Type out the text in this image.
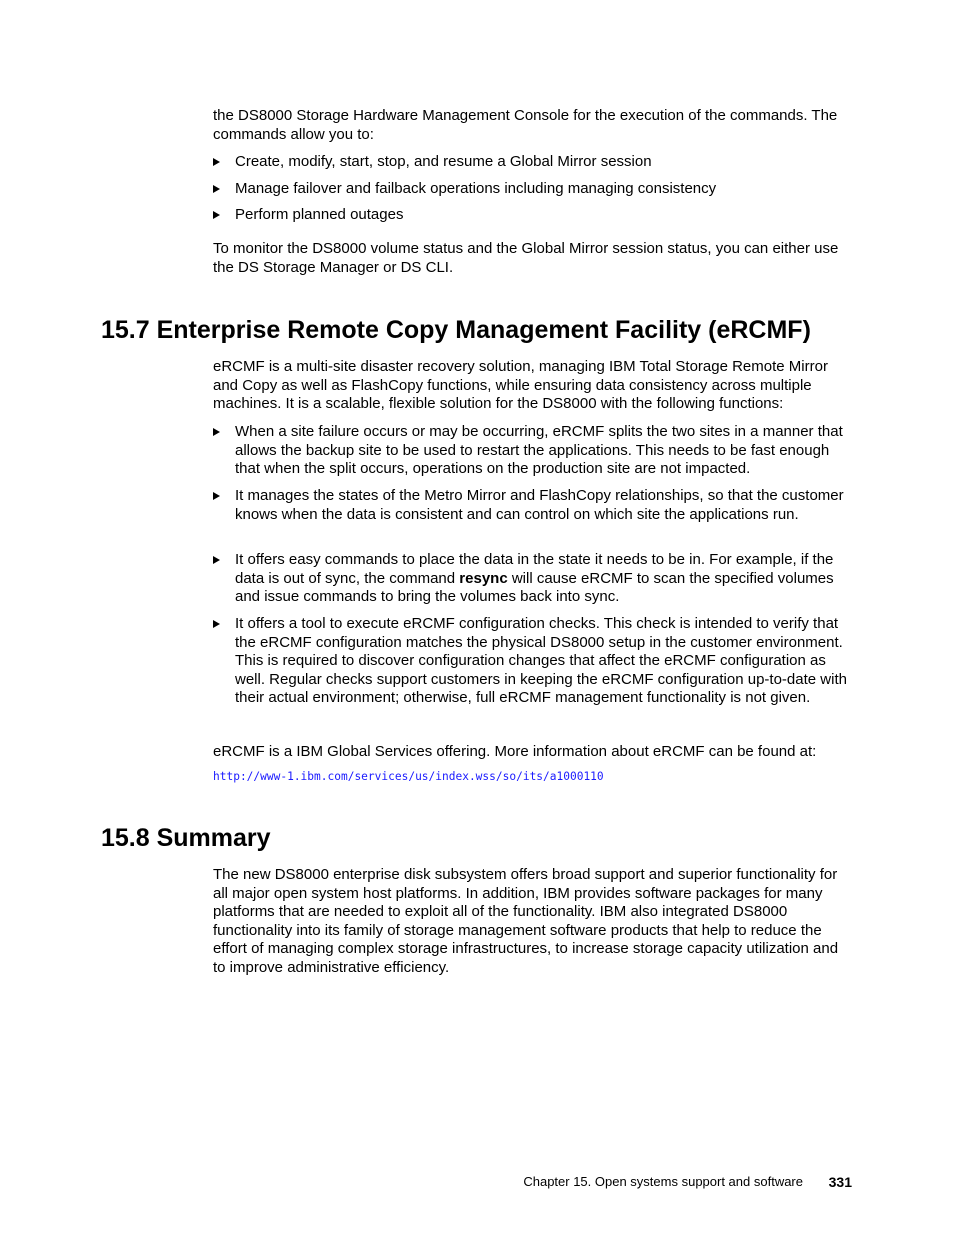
the DS8000 Storage Hardware Management Console for the execution of the commands. The commands allow you to:

Create, modify, start, stop, and resume a Global Mirror session
Manage failover and failback operations including managing consistency
Perform planned outages

To monitor the DS8000 volume status and the Global Mirror session status, you can either use the DS Storage Manager or DS CLI.

15.7 Enterprise Remote Copy Management Facility (eRCMF)

eRCMF is a multi-site disaster recovery solution, managing IBM Total Storage Remote Mirror and Copy as well as FlashCopy functions, while ensuring data consistency across multiple machines. It is a scalable, flexible solution for the DS8000 with the following functions:

When a site failure occurs or may be occurring, eRCMF splits the two sites in a manner that allows the backup site to be used to restart the applications. This needs to be fast enough that when the split occurs, operations on the production site are not impacted.
It manages the states of the Metro Mirror and FlashCopy relationships, so that the customer knows when the data is consistent and can control on which site the applications run.
It offers easy commands to place the data in the state it needs to be in. For example, if the data is out of sync, the command resync will cause eRCMF to scan the specified volumes and issue commands to bring the volumes back into sync.
It offers a tool to execute eRCMF configuration checks. This check is intended to verify that the eRCMF configuration matches the physical DS8000 setup in the customer environment. This is required to discover configuration changes that affect the eRCMF configuration as well. Regular checks support customers in keeping the eRCMF configuration up-to-date with their actual environment; otherwise, full eRCMF management functionality is not given.

eRCMF is a IBM Global Services offering. More information about eRCMF can be found at:

http://www-1.ibm.com/services/us/index.wss/so/its/a1000110
15.8 Summary

The new DS8000 enterprise disk subsystem offers broad support and superior functionality for all major open system host platforms. In addition, IBM provides software packages for many platforms that are needed to exploit all of the functionality. IBM also integrated DS8000 functionality into its family of storage management software products that help to reduce the effort of managing complex storage infrastructures, to increase storage capacity utilization and to improve administrative efficiency.

Chapter 15. Open systems support and software 331
